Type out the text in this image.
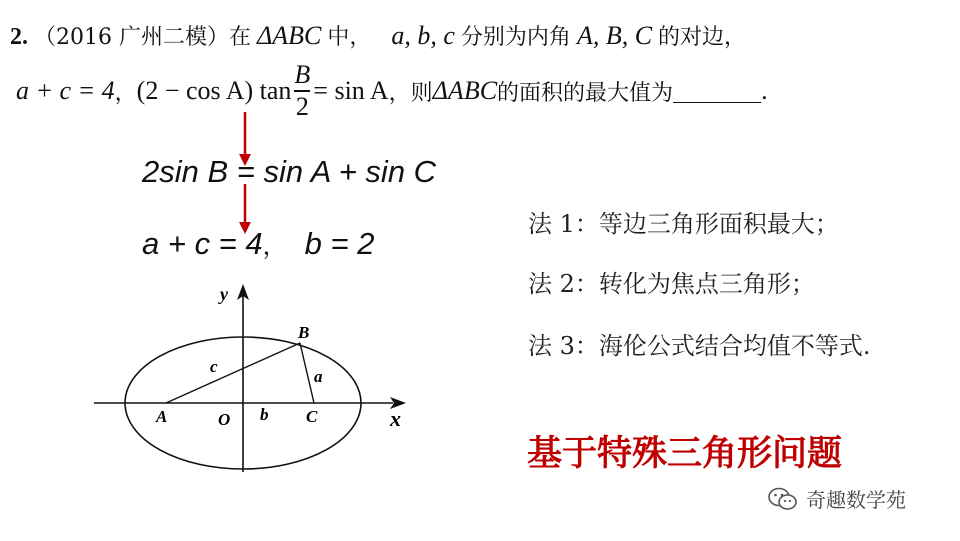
2. （2016 广州二模）在 ΔABC 中， a, b, c 分别为内角 A, B, C 的对边，
a + c = 4 ， (2 − cos A) $\tan \frac{B}{2} = \sin A$ ，则 ΔABC 的面积的最大值为	.
2sin B = sin A + sin C
a + c = 4， b = 2
y
x
O
A
B
C
a
b
c
法 1：等边三角形面积最大；
法 2：转化为焦点三角形；
法 3：海伦公式结合均值不等式.
基于特殊三角形问题
奇趣数学苑
